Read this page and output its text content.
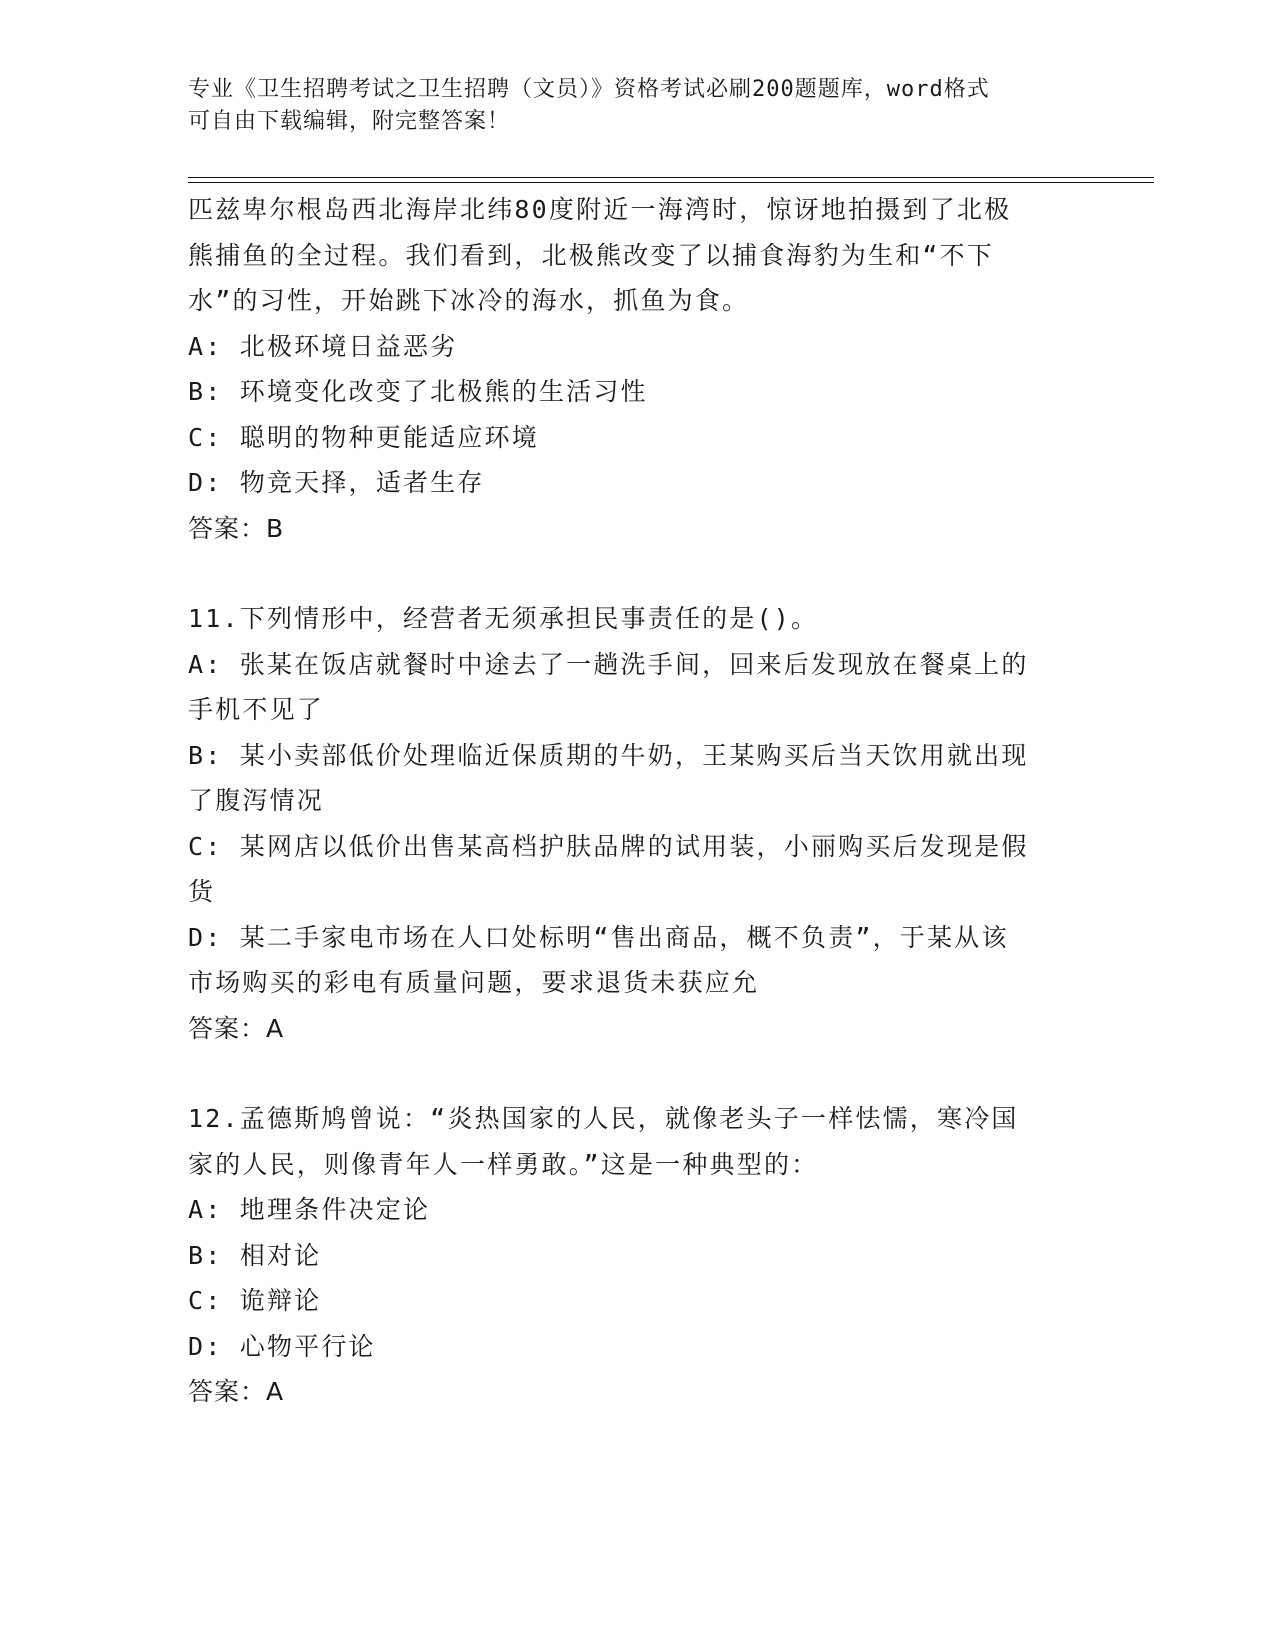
专业《卫生招聘考试之卫生招聘（文员）》资格考试必刷200题题库，word格式
可自由下载编辑，附完整答案！

匹兹卑尔根岛西北海岸北纬80度附近一海湾时，惊讶地拍摄到了北极

熊捕鱼的全过程。我们看到，北极熊改变了以捕食海豹为生和“不下

水”的习性，开始跳下冰冷的海水，抓鱼为食。

A: 北极环境日益恶劣

B: 环境变化改变了北极熊的生活习性

C: 聪明的物种更能适应环境

D: 物竞天择，适者生存

答案：B

11.下列情形中，经营者无须承担民事责任的是()。

A: 张某在饭店就餐时中途去了一趟洗手间，回来后发现放在餐桌上的

手机不见了

B: 某小卖部低价处理临近保质期的牛奶，王某购买后当天饮用就出现

了腹泻情况

C: 某网店以低价出售某高档护肤品牌的试用装，小丽购买后发现是假

货

D: 某二手家电市场在人口处标明“售出商品，概不负责”，于某从该

市场购买的彩电有质量问题，要求退货未获应允

答案：A

12.孟德斯鸠曾说：“炎热国家的人民，就像老头子一样怯懦，寒冷国

家的人民，则像青年人一样勇敢。”这是一种典型的：

A: 地理条件决定论

B: 相对论

C: 诡辩论

D: 心物平行论

答案：A
